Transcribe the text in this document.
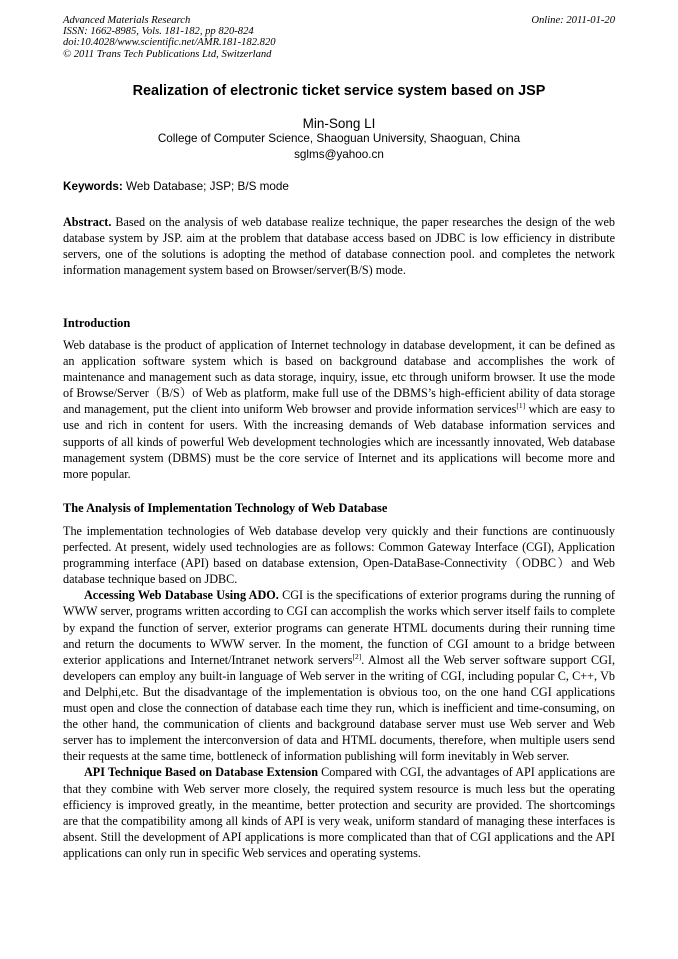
Advanced Materials Research
ISSN: 1662-8985, Vols. 181-182, pp 820-824
doi:10.4028/www.scientific.net/AMR.181-182.820
© 2011 Trans Tech Publications Ltd, Switzerland
Online: 2011-01-20
Realization of electronic ticket service system based on JSP
Min-Song LI
College of Computer Science, Shaoguan University, Shaoguan, China
sglms@yahoo.cn
Keywords: Web Database; JSP; B/S mode
Abstract. Based on the analysis of web database realize technique, the paper researches the design of the web database system by JSP. aim at the problem that database access based on JDBC is low efficiency in distribute servers, one of the solutions is adopting the method of database connection pool. and completes the network information management system based on Browser/server(B/S) mode.
Introduction
Web database is the product of application of Internet technology in database development, it can be defined as an application software system which is based on background database and accomplishes the work of maintenance and management such as data storage, inquiry, issue, etc through uniform browser. It use the mode of Browse/Server（B/S）of Web as platform, make full use of the DBMS’s high-efficient ability of data storage and management, put the client into uniform Web browser and provide information services[1] which are easy to use and rich in content for users. With the increasing demands of Web database information services and supports of all kinds of powerful Web development technologies which are incessantly innovated, Web database management system (DBMS) must be the core service of Internet and its applications will become more and more popular.
The Analysis of Implementation Technology of Web Database
The implementation technologies of Web database develop very quickly and their functions are continuously perfected. At present, widely used technologies are as follows: Common Gateway Interface (CGI), Application programming interface (API) based on database extension, Open-DataBase-Connectivity（ODBC）and Web database technique based on JDBC.
Accessing Web Database Using ADO. CGI is the specifications of exterior programs during the running of WWW server, programs written according to CGI can accomplish the works which server itself fails to complete by expand the function of server, exterior programs can generate HTML documents during their running time and return the documents to WWW server. In the moment, the function of CGI amount to a bridge between exterior applications and Internet/Intranet network servers[2]. Almost all the Web server software support CGI, developers can employ any built-in language of Web server in the writing of CGI, including popular C, C++, Vb and Delphi,etc. But the disadvantage of the implementation is obvious too, on the one hand CGI applications must open and close the connection of database each time they run, which is inefficient and time-consuming, on the other hand, the communication of clients and background database server must use Web server and Web server has to implement the interconversion of data and HTML documents, therefore, when multiple users send their requests at the same time, bottleneck of information publishing will form inevitably in Web server.
API Technique Based on Database Extension Compared with CGI, the advantages of API applications are that they combine with Web server more closely, the required system resource is much less but the operating efficiency is improved greatly, in the meantime, better protection and security are provided. The shortcomings are that the compatibility among all kinds of API is very weak, uniform standard of managing these interfaces is absent. Still the development of API applications is more complicated than that of CGI applications and the API applications can only run in specific Web services and operating systems.
